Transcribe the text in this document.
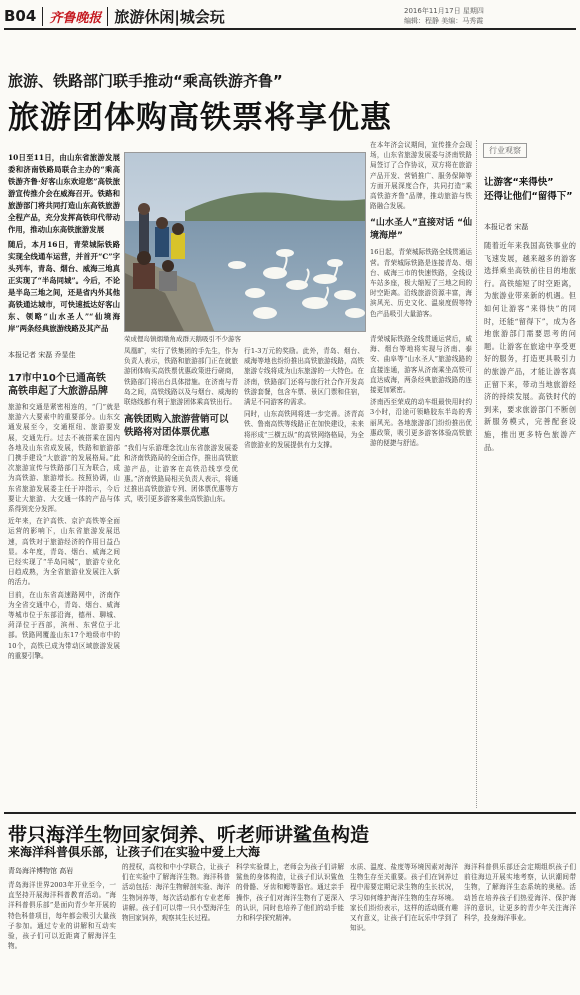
B04	齐鲁晚报 旅游休闲|城会玩	2016年11月17日 星期四
编辑：程静 美编：马秀霞
旅游、铁路部门联手推动“乘高铁游齐鲁”
旅游团体购高铁票将享优惠

10日至11日，由山东省旅游发展委和济南铁路局联合主办的“乘高铁游齐鲁·好客山东欢迎您”高铁旅游宣传推介会在威海召开。铁路和旅游部门将共同打造山东高铁旅游全程产品，充分发挥高铁印代带动作用，推动山东高铁旅游发展

随后，本月16日，青荣城际铁路实现全线通车运营，并首开“C”字头列车，青岛、烟台、威海三地真正实现了“半岛同城”。今后，不论是半岛三地之间，还是省内外其他高铁通达城市，可快速抵达好客山东、领略“山水圣人”“仙境海岸”两条经典旅游线路及其产品

荣成俚岛镇烟墩角成群天鹅吸引不少游客

在本年济会议期间，宣传推介会现场，山东省旅游发展委与济南铁路局签订了合作协议，双方将在旅游产品开发、营销推广、服务保障等方面开展深度合作，共同打造“乘高铁游齐鲁”品牌，推动旅游与铁路融合发展。

“山水圣人”直接对话 “仙境海岸”

16日起，青荣城际铁路全线贯通运营。青荣城际铁路是连接青岛、烟台、威海三市的快速铁路，全线设车站多座，极大缩短了三地之间的时空距离。沿线旅游资源丰富，海滨风光、历史文化、温泉度假等特色产品吸引大量游客。

本报记者 宋磊 乔显佳

17市中10个已通高铁
高铁串起了大旅游品牌

旅游和交通是紧密相连的，“门”就是旅游六大要素中的重要部分。山东交通发展至今，交通枢纽、旅游要发展，交通先行。过去不被搭乘在国内各地及山东省成发展，铁路和旅游部门携手建设“大旅游”的发展格局。”此次旅游宣传与铁路部门互为联合，成为高铁游、旅游增长。按照协调，山东省旅游发展委主任于冲指示，今后要让大旅游、大交通一体的产品与体系得到充分发挥。

近年来，在沪高铁、京沪高铁等全面运营的影响下，山东省旅游发展迅速，高铁对于旅游经济的作用日益凸显。本年度，青岛、烟台、威海之间已经实现了“半岛同城”，旅游专业化日趋成熟，为全省旅游业发展注入新的活力。

目前，在山东省高速路网中，济南作为全省交通中心，青岛、烟台、威海等城市位于东部沿海，德州、聊城、菏泽位于西部，滨州、东营位于北部。铁路网覆盖山东17个地级市中的10个，高铁已成为带动区域旅游发展的重要引擎。

凤凰旷，实行了铁集团的手先生，作为负责人表示，铁路和旅游部门正在就旅游团体购买高铁票优惠政策进行磋商，铁路部门将出台具体措施。在济南与青岛之间，高铁线路以及与烟台、威海的联络线都有利于旅游团体乘高铁出行。

高铁团购入旅游营销可以
铁路将对团体票优惠

“我们与乐游理念沈山东省旅游发展委和济南铁路局的全面合作，推出高铁旅游产品，让游客在高铁沿线享受优惠。”济南铁路局相关负责人表示，将通过推出高铁旅游专列、团体票优惠等方式，吸引更多游客乘坐高铁游山东。

行1-3万元的奖励。此外，青岛、烟台、威海等地也纷纷推出高铁旅游线路，高铁旅游专线将成为山东旅游的一大特色。在济南，铁路部门还将与旅行社合作开发高铁游套餐，包含车票、景区门票和住宿，满足不同游客的需求。

同时，山东高铁网将进一步完善。济青高铁、鲁南高铁等线路正在加快建设，未来将形成“三横五纵”的高铁网络格局，为全省旅游业的发展提供有力支撑。

青荣城际铁路全线贯通运营后，威海、烟台等地将实现与济南、泰安、曲阜等“山水圣人”旅游线路的直接连通，游客从济南乘坐高铁可直达威海，两条经典旅游线路的连接更加紧密。

济南西至荣成的动车组最快用时约3小时，沿途可领略胶东半岛的秀丽风光。各地旅游部门纷纷推出优惠政策，吸引更多游客体验高铁旅游的便捷与舒适。

行业观察
让游客“来得快”
还得让他们“留得下”
本报记者 宋磊
随着近年来我国高铁事业的飞速发展，越来越多的游客选择乘坐高铁前往目的地旅行。高铁缩短了时空距离，为旅游业带来新的机遇。但如何让游客“来得快”的同时，还能“留得下”，成为各地旅游部门需要思考的问题。让游客在旅途中享受更好的服务，打造更具吸引力的旅游产品，才能让游客真正留下来，带动当地旅游经济的持续发展。高铁时代的到来，要求旅游部门不断创新服务模式，完善配套设施，推出更多特色旅游产品。
带只海洋生物回家饲养、听老师讲鲨鱼构造
来海洋科普俱乐部，让孩子们在实验中爱上大海
青岛海洋博物馆 高岩
青岛海洋世界2003年开业至今，一直坚持开展海洋科普教育活动。“海洋科普俱乐部”是面向青少年开展的特色科普项目，每年都会吸引大量孩子参加。通过专业的讲解和互动实验，孩子们可以近距离了解海洋生物。
的授权，高校和中小学联合，让孩子们在实验中了解海洋生物。海洋科普活动包括：海洋生物解剖实验、海洋生物饲养等，每次活动都有专业老师讲解。孩子们可以带一只小型海洋生物回家饲养，观察其生长过程。
科学实验课上，老师会为孩子们讲解鲨鱼的身体构造，让孩子们认识鲨鱼的骨骼、牙齿和鳃等器官。通过亲手操作，孩子们对海洋生物有了更深入的认识，同时也培养了他们的动手能力和科学探究精神。
水质、温度、盐度等环境因素对海洋生物生存至关重要。孩子们在饲养过程中需要定期记录生物的生长状况，学习如何维护海洋生物的生存环境。家长们纷纷表示，这样的活动既有趣又有意义，让孩子们在玩乐中学到了知识。
海洋科普俱乐部还会定期组织孩子们前往海边开展实地考察，认识潮间带生物，了解海洋生态系统的奥秘。活动旨在培养孩子们热爱海洋、保护海洋的意识，让更多的青少年关注海洋科学，投身海洋事业。
